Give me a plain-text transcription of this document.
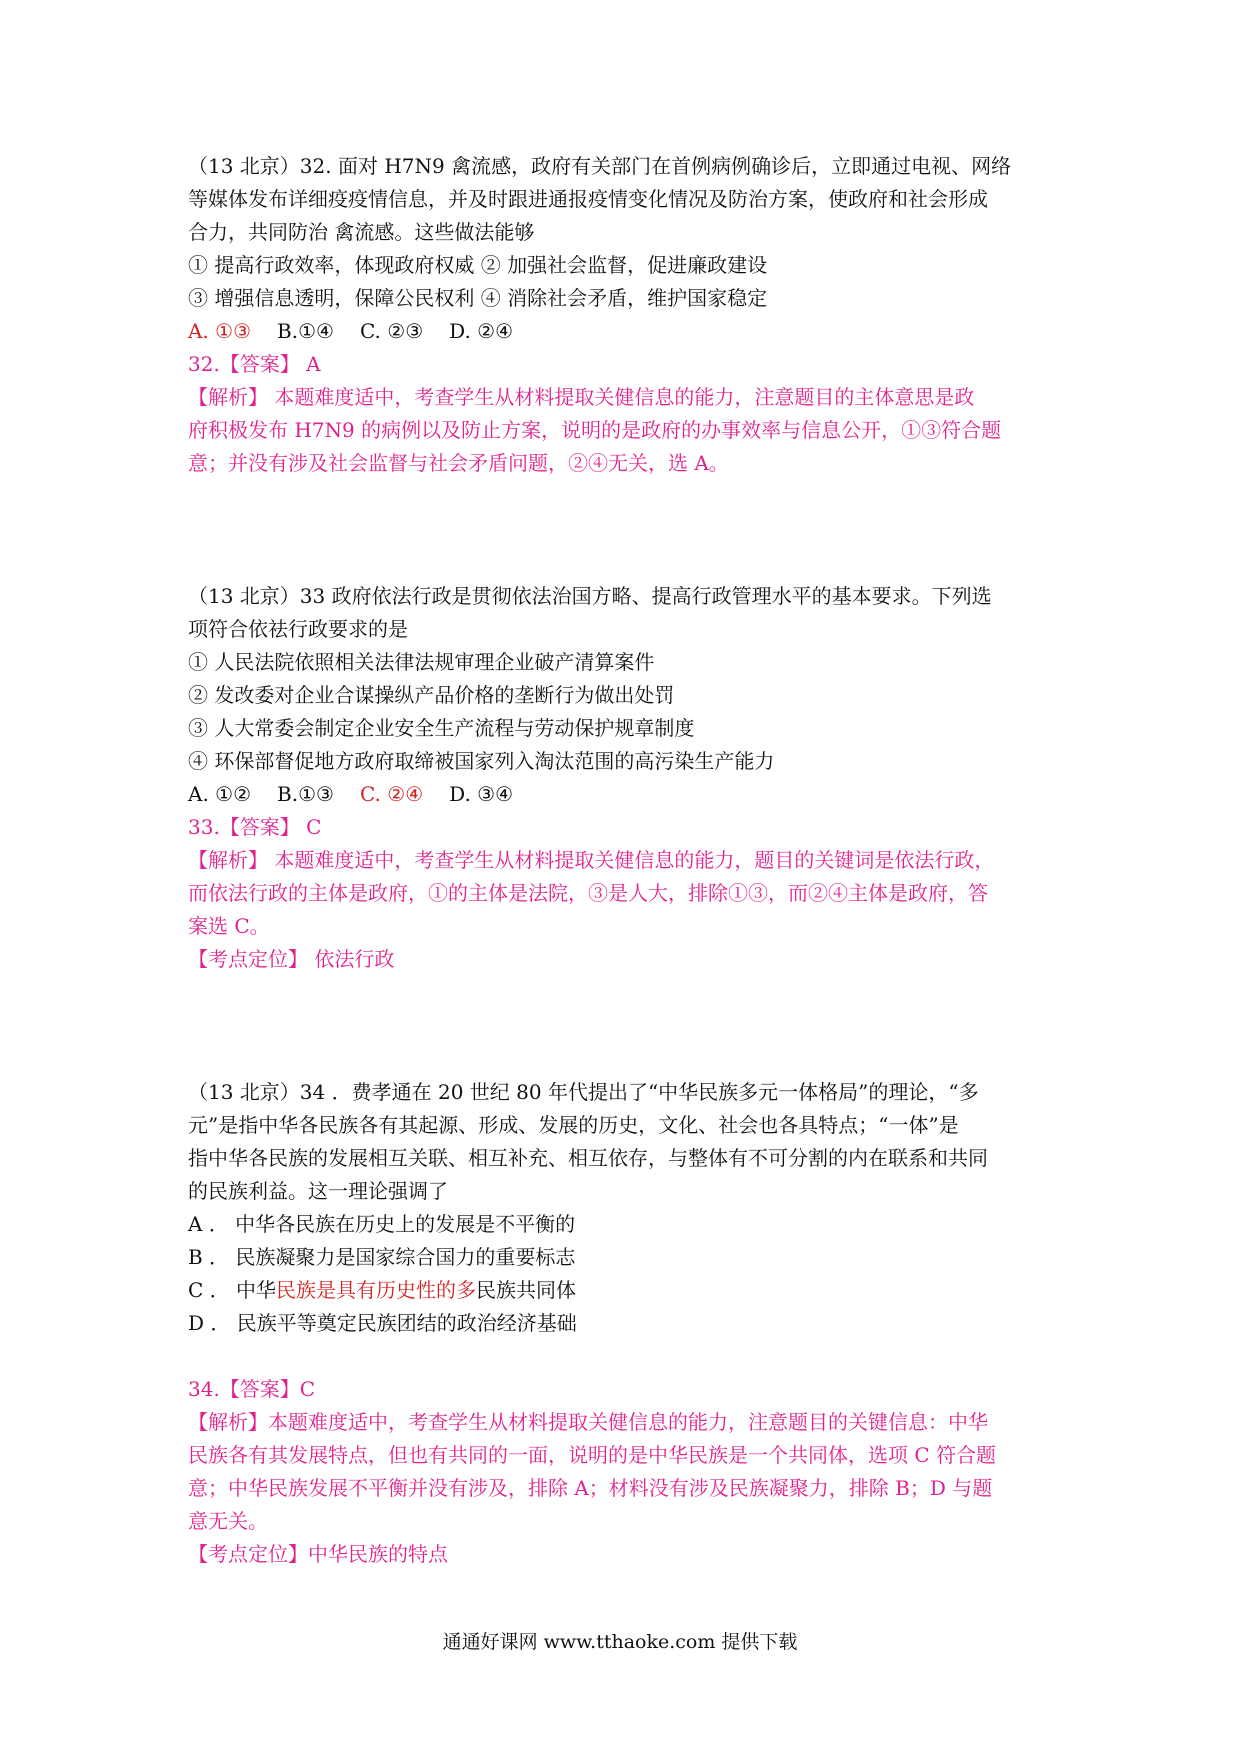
（13 北京）32. 面对 H7N9 禽流感，政府有关部门在首例病例确诊后，立即通过电视、网络
等媒体发布详细疫疫情信息，并及时跟进通报疫情变化情况及防治方案，使政府和社会形成
合力，共同防治 禽流感。这些做法能够
① 提高行政效率，体现政府权威 ② 加强社会监督，促进廉政建设
③ 增强信息透明，保障公民权利 ④ 消除社会矛盾，维护国家稳定
A. ①③ B.①④ C. ②③ D. ②④
32.【答案】 A
【解析】 本题难度适中，考查学生从材料提取关健信息的能力，注意题目的主体意思是政
府积极发布 H7N9 的病例以及防止方案，说明的是政府的办事效率与信息公开，①③符合题
意；并没有涉及社会监督与社会矛盾问题，②④无关，选 A。
（13 北京）33 政府依法行政是贯彻依法治国方略、提高行政管理水平的基本要求。下列选
项符合依祛行政要求的是
① 人民法院依照相关法律法规审理企业破产清算案件
② 发改委对企业合谋操纵产品价格的垄断行为做出处罚
③ 人大常委会制定企业安全生产流程与劳动保护规章制度
④ 环保部督促地方政府取缔被国家列入淘汰范围的高污染生产能力
A. ①② B.①③ C. ②④ D. ③④
33.【答案】 C
【解析】 本题难度适中，考查学生从材料提取关健信息的能力，题目的关键词是依法行政，
而依法行政的主体是政府，①的主体是法院，③是人大，排除①③，而②④主体是政府，答
案选 C。
【考点定位】 依法行政
（13 北京）34 ．费孝通在 20 世纪 80 年代提出了“中华民族多元一体格局”的理论，“多
元”是指中华各民族各有其起源、形成、发展的历史，文化、社会也各具特点；“一体”是
指中华各民族的发展相互关联、相互补充、相互依存，与整体有不可分割的内在联系和共同
的民族利益。这一理论强调了
A ． 中华各民族在历史上的发展是不平衡的
B ． 民族凝聚力是国家综合国力的重要标志
C ． 中华民族是具有历史性的多民族共同体
D ． 民族平等奠定民族团结的政治经济基础
34.【答案】C
【解析】本题难度适中，考查学生从材料提取关健信息的能力，注意题目的关键信息：中华
民族各有其发展特点，但也有共同的一面，说明的是中华民族是一个共同体，选项 C 符合题
意；中华民族发展不平衡并没有涉及，排除 A；材料没有涉及民族凝聚力，排除 B；D 与题
意无关。
【考点定位】中华民族的特点
通通好课网 www.tthaoke.com 提供下载
